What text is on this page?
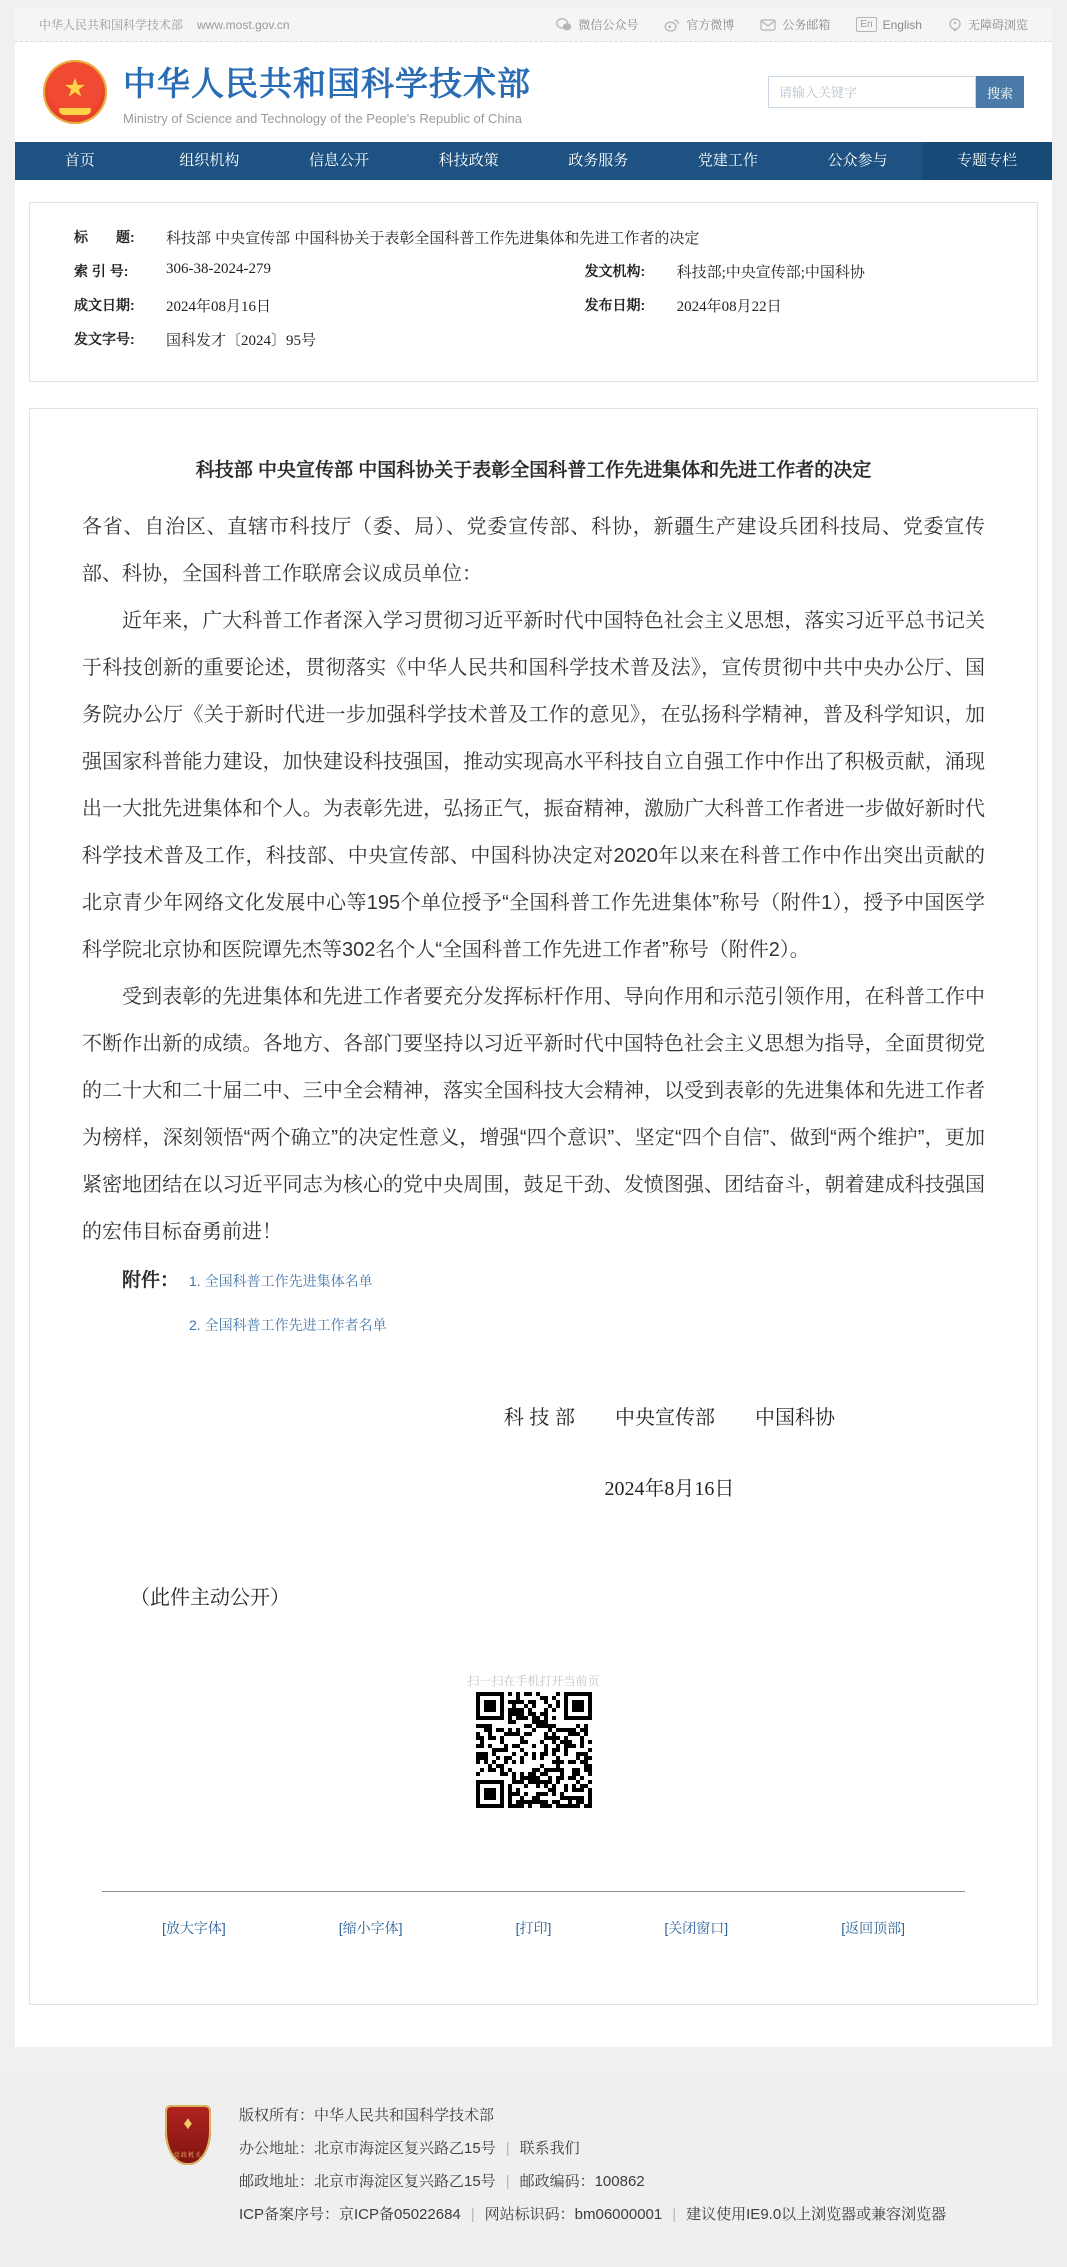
中华人民共和国科学技术部 www.most.gov.cn	微信公众号	官方微博	公务邮箱	En English	无障碍浏览
★
中华人民共和国科学技术部
Ministry of Science and Technology of the People's Republic of China
请输入关键字
搜索
首页	组织机构	信息公开	科技政策	政务服务	党建工作	公众参与	专题专栏
标　　题:	科技部 中央宣传部 中国科协关于表彰全国科普工作先进集体和先进工作者的决定
索 引 号:	306-38-2024-279	发文机构:	科技部;中央宣传部;中国科协
成文日期:	2024年08月16日	发布日期:	2024年08月22日
发文字号:	国科发才〔2024〕95号
科技部 中央宣传部 中国科协关于表彰全国科普工作先进集体和先进工作者的决定

各省、自治区、直辖市科技厅（委、局）、党委宣传部、科协，新疆生产建设兵团科技局、党委宣传部、科协，全国科普工作联席会议成员单位：

近年来，广大科普工作者深入学习贯彻习近平新时代中国特色社会主义思想，落实习近平总书记关于科技创新的重要论述，贯彻落实《中华人民共和国科学技术普及法》，宣传贯彻中共中央办公厅、国务院办公厅《关于新时代进一步加强科学技术普及工作的意见》，在弘扬科学精神，普及科学知识，加强国家科普能力建设，加快建设科技强国，推动实现高水平科技自立自强工作中作出了积极贡献，涌现出一大批先进集体和个人。为表彰先进，弘扬正气，振奋精神，激励广大科普工作者进一步做好新时代科学技术普及工作，科技部、中央宣传部、中国科协决定对2020年以来在科普工作中作出突出贡献的北京青少年网络文化发展中心等195个单位授予“全国科普工作先进集体”称号（附件1），授予中国医学科学院北京协和医院谭先杰等302名个人“全国科普工作先进工作者”称号（附件2）。

受到表彰的先进集体和先进工作者要充分发挥标杆作用、导向作用和示范引领作用，在科普工作中不断作出新的成绩。各地方、各部门要坚持以习近平新时代中国特色社会主义思想为指导，全面贯彻党的二十大和二十届二中、三中全会精神，落实全国科技大会精神，以受到表彰的先进集体和先进工作者为榜样，深刻领悟“两个确立”的决定性意义，增强“四个意识”、坚定“四个自信”、做到“两个维护”，更加紧密地团结在以习近平同志为核心的党中央周围，鼓足干劲、发愤图强、团结奋斗，朝着建成科技强国的宏伟目标奋勇前进！

附件： 1. 全国科普工作先进集体名单
2. 全国科普工作先进工作者名单
科 技 部　　中央宣传部　　中国科协
2024年8月16日
（此件主动公开）
扫一扫在手机打开当前页
[放大字体]	[缩小字体]	[打印]	[关闭窗口]	[返回顶部]
♦ 党政机关
版权所有：中华人民共和国科学技术部
办公地址：北京市海淀区复兴路乙15号 | 联系我们
邮政地址：北京市海淀区复兴路乙15号 | 邮政编码：100862
ICP备案序号：京ICP备05022684 | 网站标识码：bm06000001 | 建议使用IE9.0以上浏览器或兼容浏览器
